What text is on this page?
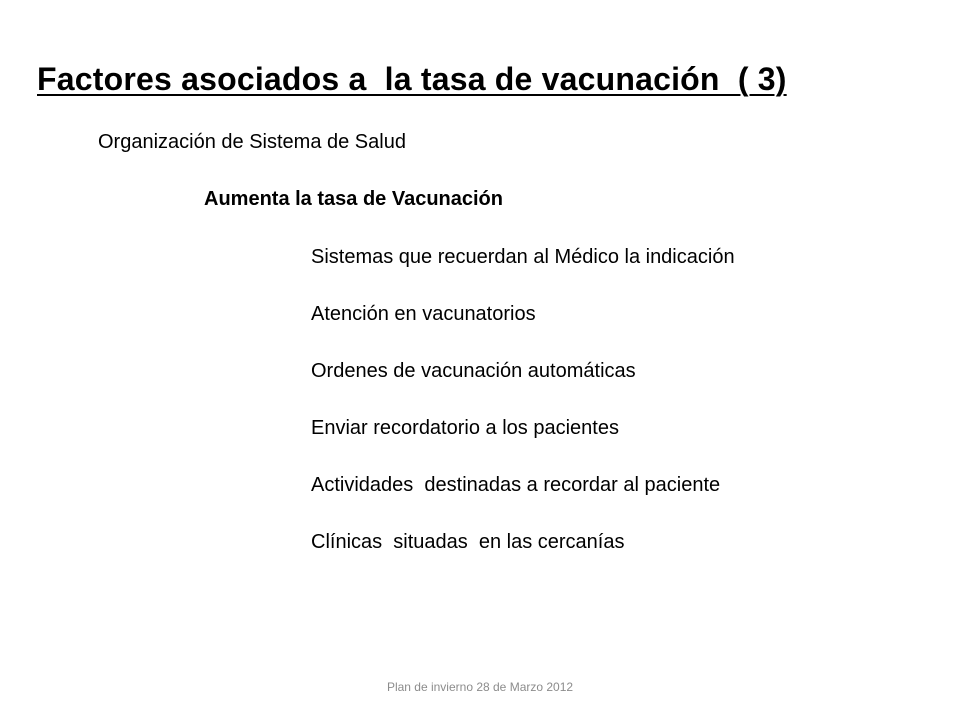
Factores asociados a  la tasa de vacunación  ( 3)
Organización de Sistema de Salud
Aumenta la tasa de Vacunación
Sistemas que recuerdan al Médico la indicación
Atención en vacunatorios
Ordenes de vacunación automáticas
Enviar recordatorio a los pacientes
Actividades  destinadas a recordar al paciente
Clínicas  situadas  en las cercanías
Plan de invierno 28 de Marzo 2012
